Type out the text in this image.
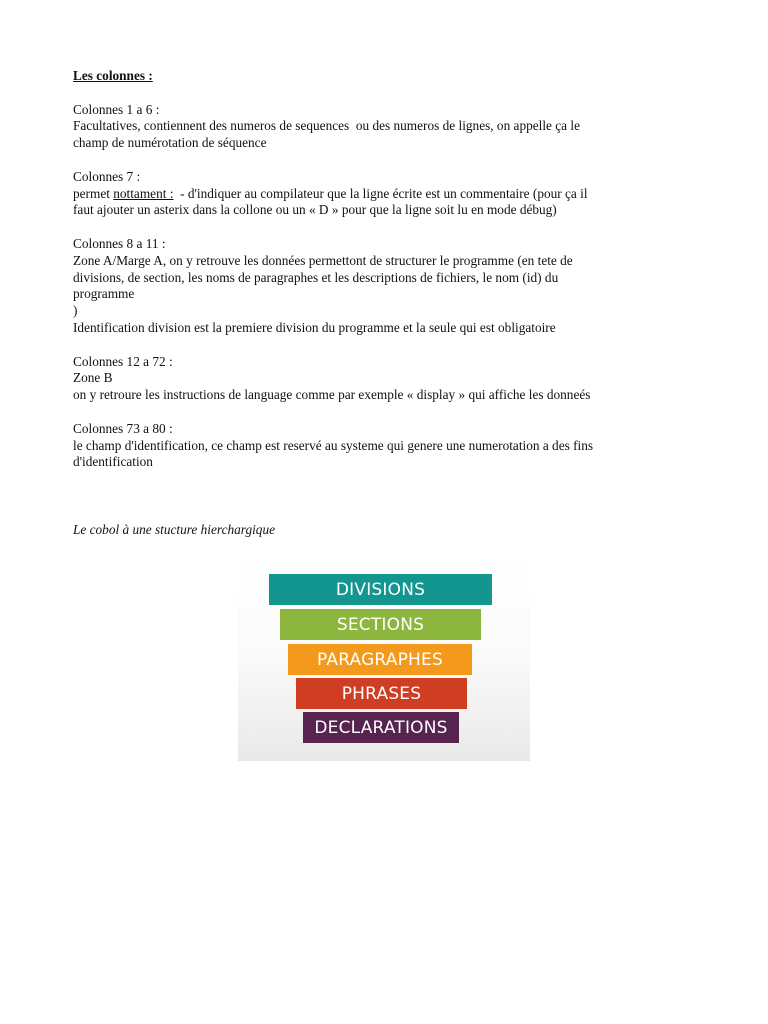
Les colonnes :

Colonnes 1 a 6 :

Facultatives, contiennent des numeros de sequences  ou des numeros de lignes, on appelle ça le

champ de numérotation de séquence

Colonnes 7 :

permet nottament :  - d'indiquer au compilateur que la ligne écrite est un commentaire (pour ça il

faut ajouter un asterix dans la collone ou un « D » pour que la ligne soit lu en mode débug)

Colonnes 8 a 11 :

Zone A/Marge A, on y retrouve les données permettont de structurer le programme (en tete de

divisions, de section, les noms de paragraphes et les descriptions de fichiers, le nom (id) du

programme

)

Identification division est la premiere division du programme et la seule qui est obligatoire

Colonnes 12 a 72 :

Zone B

on y retroure les instructions de language comme par exemple « display » qui affiche les donneés

Colonnes 73 a 80 :

le champ d'identification, ce champ est reservé au systeme qui genere une numerotation a des fins

d'identification

Le cobol à une stucture hierchargique

DIVISIONS
SECTIONS
PARAGRAPHES
PHRASES
DECLARATIONS
